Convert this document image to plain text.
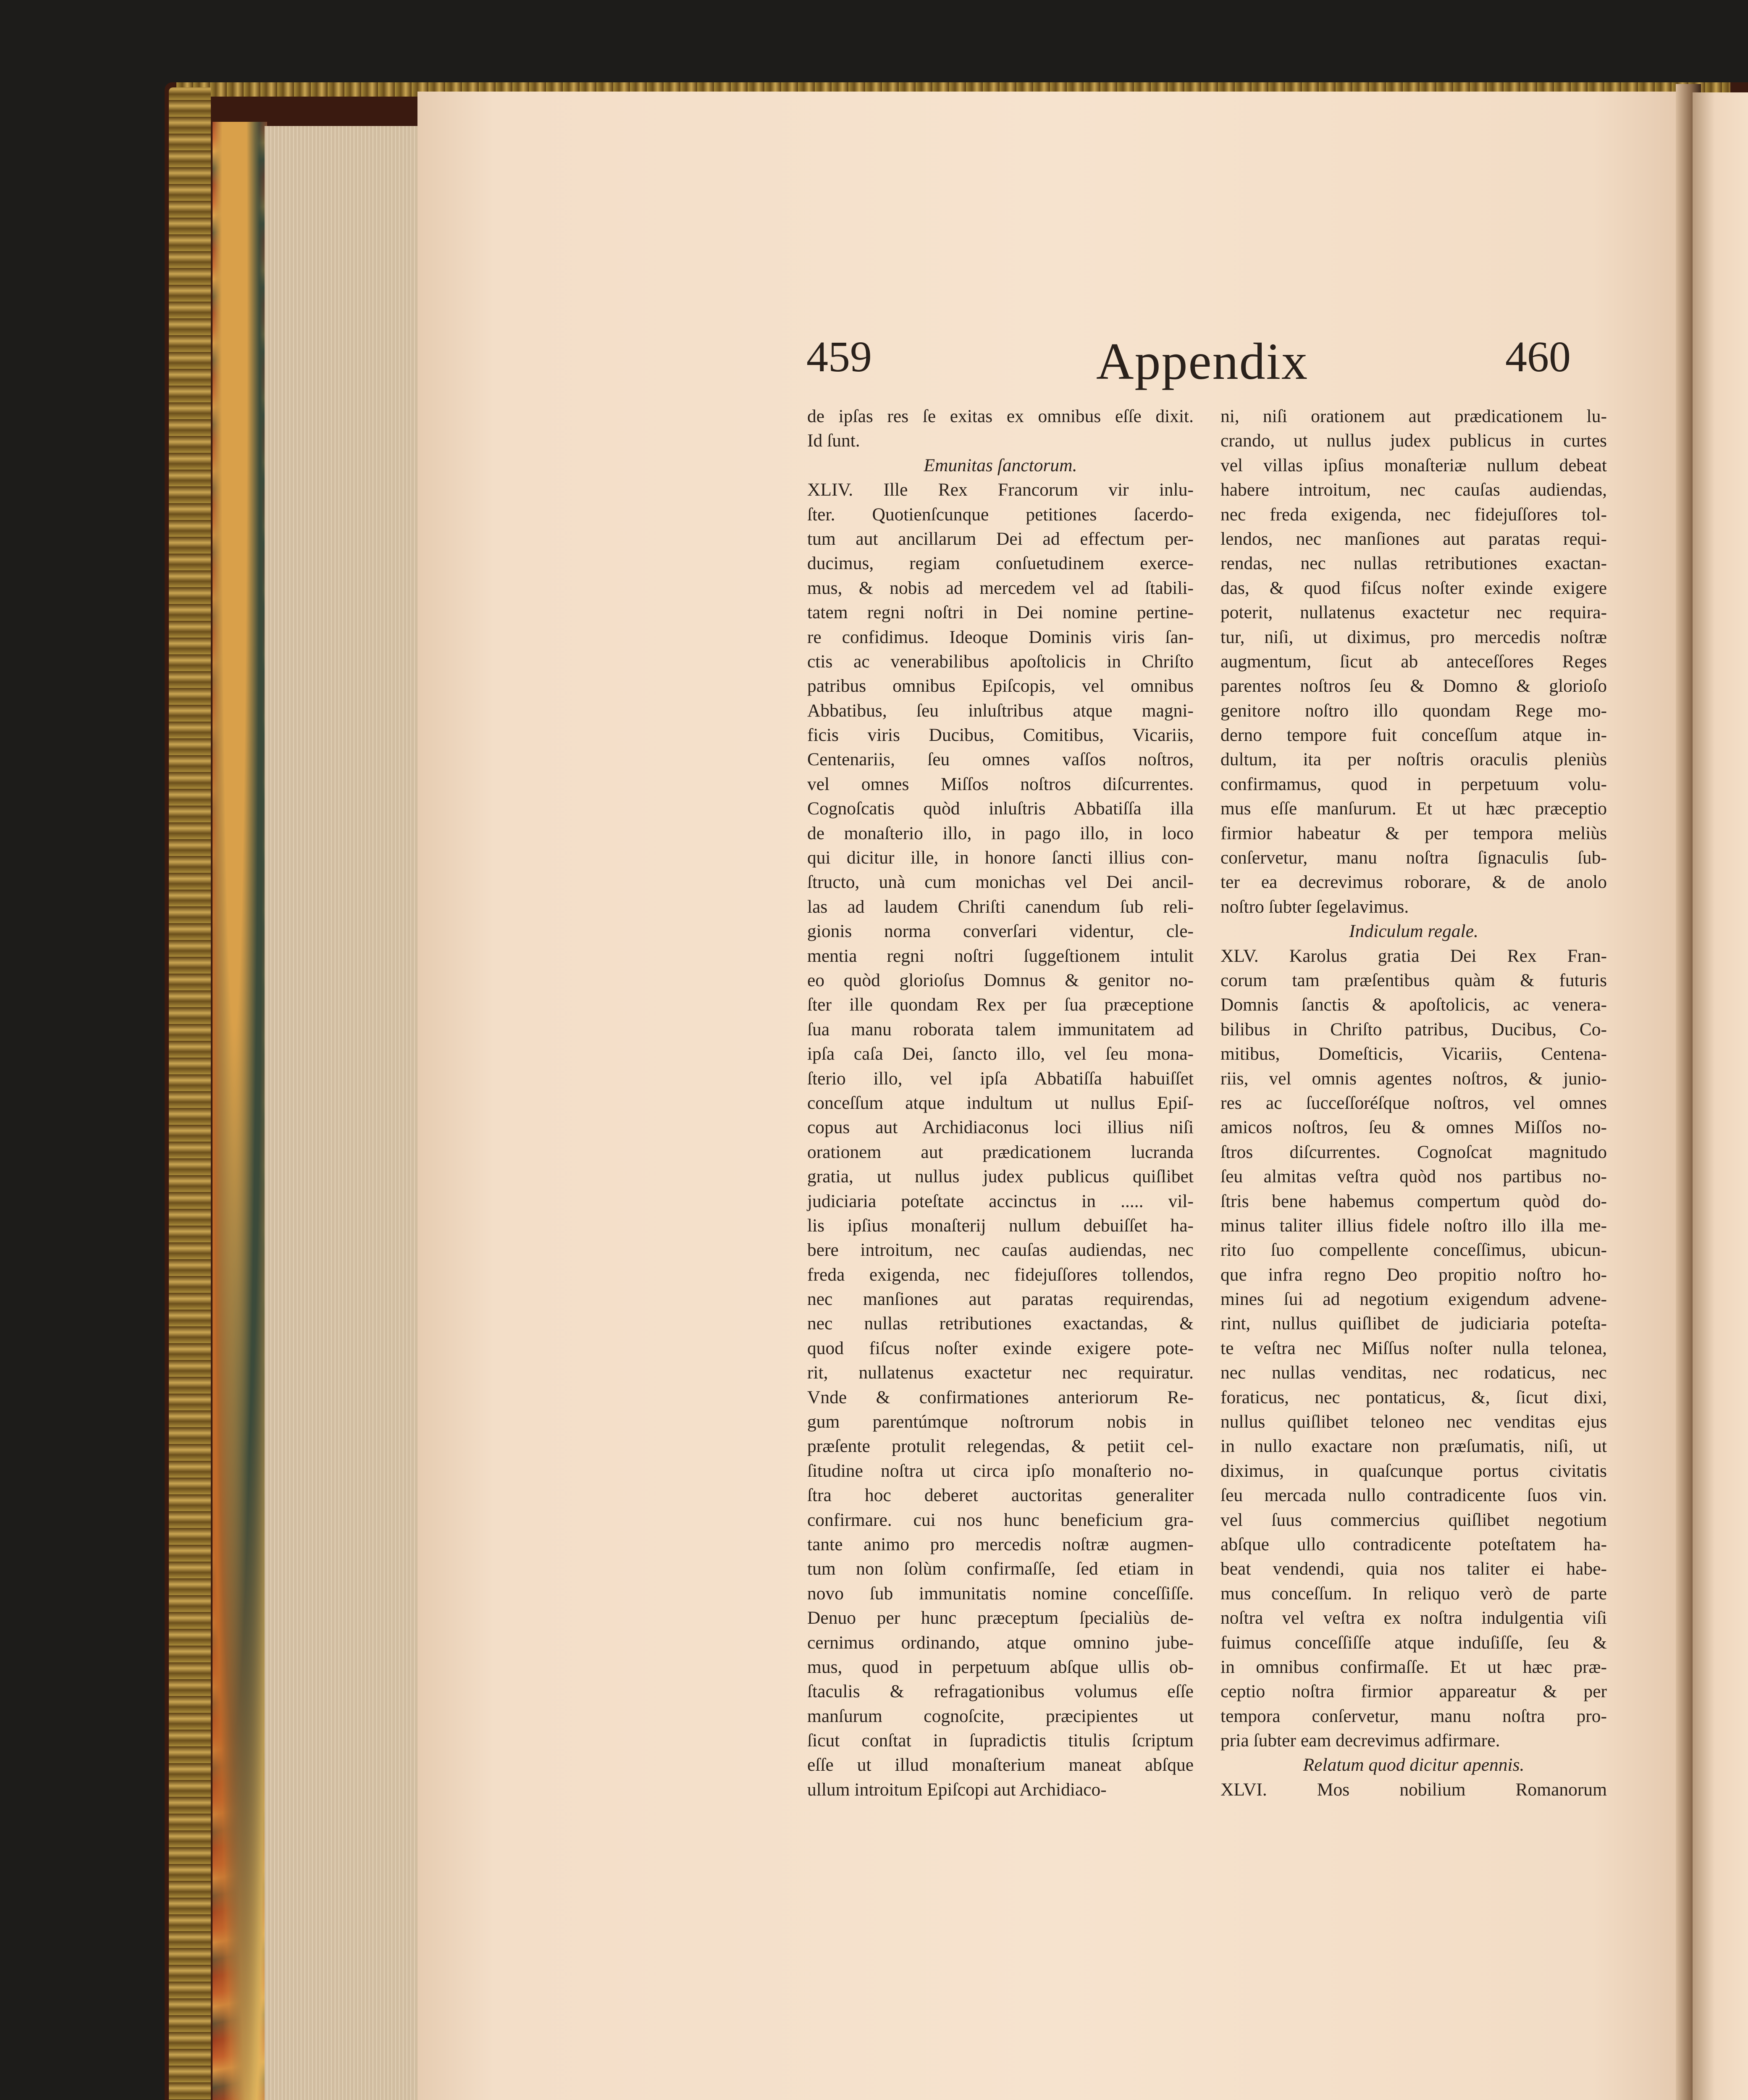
459	Appendix	460
de ipſas res ſe exitas ex omnibus eſſe dixit.
Id ſunt.
Emunitas ſanctorum.
XLIV. Ille Rex Francorum vir inlu-
ſter. Quotienſcunque petitiones ſacerdo-
tum aut ancillarum Dei ad effectum per-
ducimus, regiam conſuetudinem exerce-
mus, & nobis ad mercedem vel ad ſtabili-
tatem regni noſtri in Dei nomine pertine-
re confidimus. Ideoque Dominis viris ſan-
ctis ac venerabilibus apoſtolicis in Chriſto
patribus omnibus Epiſcopis, vel omnibus
Abbatibus, ſeu inluſtribus atque magni-
ficis viris Ducibus, Comitibus, Vicariis,
Centenariis, ſeu omnes vaſſos noſtros,
vel omnes Miſſos noſtros diſcurrentes.
Cognoſcatis quòd inluſtris Abbatiſſa illa
de monaſterio illo, in pago illo, in loco
qui dicitur ille, in honore ſancti illius con-
ſtructo, unà cum monichas vel Dei ancil-
las ad laudem Chriſti canendum ſub reli-
gionis norma converſari videntur, cle-
mentia regni noſtri ſuggeſtionem intulit
eo quòd glorioſus Domnus & genitor no-
ſter ille quondam Rex per ſua præceptione
ſua manu roborata talem immunitatem ad
ipſa caſa Dei, ſancto illo, vel ſeu mona-
ſterio illo, vel ipſa Abbatiſſa habuiſſet
conceſſum atque indultum ut nullus Epiſ-
copus aut Archidiaconus loci illius niſi
orationem aut prædicationem lucranda
gratia, ut nullus judex publicus quiſlibet
judiciaria poteſtate accinctus in ..... vil-
lis ipſius monaſterij nullum debuiſſet ha-
bere introitum, nec cauſas audiendas, nec
freda exigenda, nec fidejuſſores tollendos,
nec manſiones aut paratas requirendas,
nec nullas retributiones exactandas, &
quod fiſcus noſter exinde exigere pote-
rit, nullatenus exactetur nec requiratur.
Vnde & confirmationes anteriorum Re-
gum parentúmque noſtrorum nobis in
præſente protulit relegendas, & petiit cel-
ſitudine noſtra ut circa ipſo monaſterio no-
ſtra hoc deberet auctoritas generaliter
confirmare. cui nos hunc beneficium gra-
tante animo pro mercedis noſtræ augmen-
tum non ſolùm confirmaſſe, ſed etiam in
novo ſub immunitatis nomine conceſſiſſe.
Denuo per hunc præceptum ſpecialiùs de-
cernimus ordinando, atque omnino jube-
mus, quod in perpetuum abſque ullis ob-
ſtaculis & refragationibus volumus eſſe
manſurum cognoſcite, præcipientes ut
ſicut conſtat in ſupradictis titulis ſcriptum
eſſe ut illud monaſterium maneat abſque
ullum introitum Epiſcopi aut Archidiaco-
ni, niſi orationem aut prædicationem lu-
crando, ut nullus judex publicus in curtes
vel villas ipſius monaſteriæ nullum debeat
habere introitum, nec cauſas audiendas,
nec freda exigenda, nec fidejuſſores tol-
lendos, nec manſiones aut paratas requi-
rendas, nec nullas retributiones exactan-
das, & quod fiſcus noſter exinde exigere
poterit, nullatenus exactetur nec requira-
tur, niſi, ut diximus, pro mercedis noſtræ
augmentum, ſicut ab anteceſſores Reges
parentes noſtros ſeu & Domno & glorioſo
genitore noſtro illo quondam Rege mo-
derno tempore fuit conceſſum atque in-
dultum, ita per noſtris oraculis pleniùs
confirmamus, quod in perpetuum volu-
mus eſſe manſurum. Et ut hæc præceptio
firmior habeatur & per tempora meliùs
conſervetur, manu noſtra ſignaculis ſub-
ter ea decrevimus roborare, & de anolo
noſtro ſubter ſegelavimus.
Indiculum regale.
XLV. Karolus gratia Dei Rex Fran-
corum tam præſentibus quàm & futuris
Domnis ſanctis & apoſtolicis, ac venera-
bilibus in Chriſto patribus, Ducibus, Co-
mitibus, Domeſticis, Vicariis, Centena-
riis, vel omnis agentes noſtros, & junio-
res ac ſucceſſoréſque noſtros, vel omnes
amicos noſtros, ſeu & omnes Miſſos no-
ſtros diſcurrentes. Cognoſcat magnitudo
ſeu almitas veſtra quòd nos partibus no-
ſtris bene habemus compertum quòd do-
minus taliter illius fidele noſtro illo illa me-
rito ſuo compellente conceſſimus, ubicun-
que infra regno Deo propitio noſtro ho-
mines ſui ad negotium exigendum advene-
rint, nullus quiſlibet de judiciaria poteſta-
te veſtra nec Miſſus noſter nulla telonea,
nec nullas venditas, nec rodaticus, nec
foraticus, nec pontaticus, &, ſicut dixi,
nullus quiſlibet teloneo nec venditas ejus
in nullo exactare non præſumatis, niſi, ut
diximus, in quaſcunque portus civitatis
ſeu mercada nullo contradicente ſuos vin.
vel ſuus commercius quiſlibet negotium
abſque ullo contradicente poteſtatem ha-
beat vendendi, quia nos taliter ei habe-
mus conceſſum. In reliquo verò de parte
noſtra vel veſtra ex noſtra indulgentia viſi
fuimus conceſſiſſe atque induſiſſe, ſeu &
in omnibus confirmaſſe. Et ut hæc præ-
ceptio noſtra firmior appareatur & per
tempora conſervetur, manu noſtra pro-
pria ſubter eam decrevimus adfirmare.
Relatum quod dicitur apennis.
XLVI. Mos nobilium Romanorum
